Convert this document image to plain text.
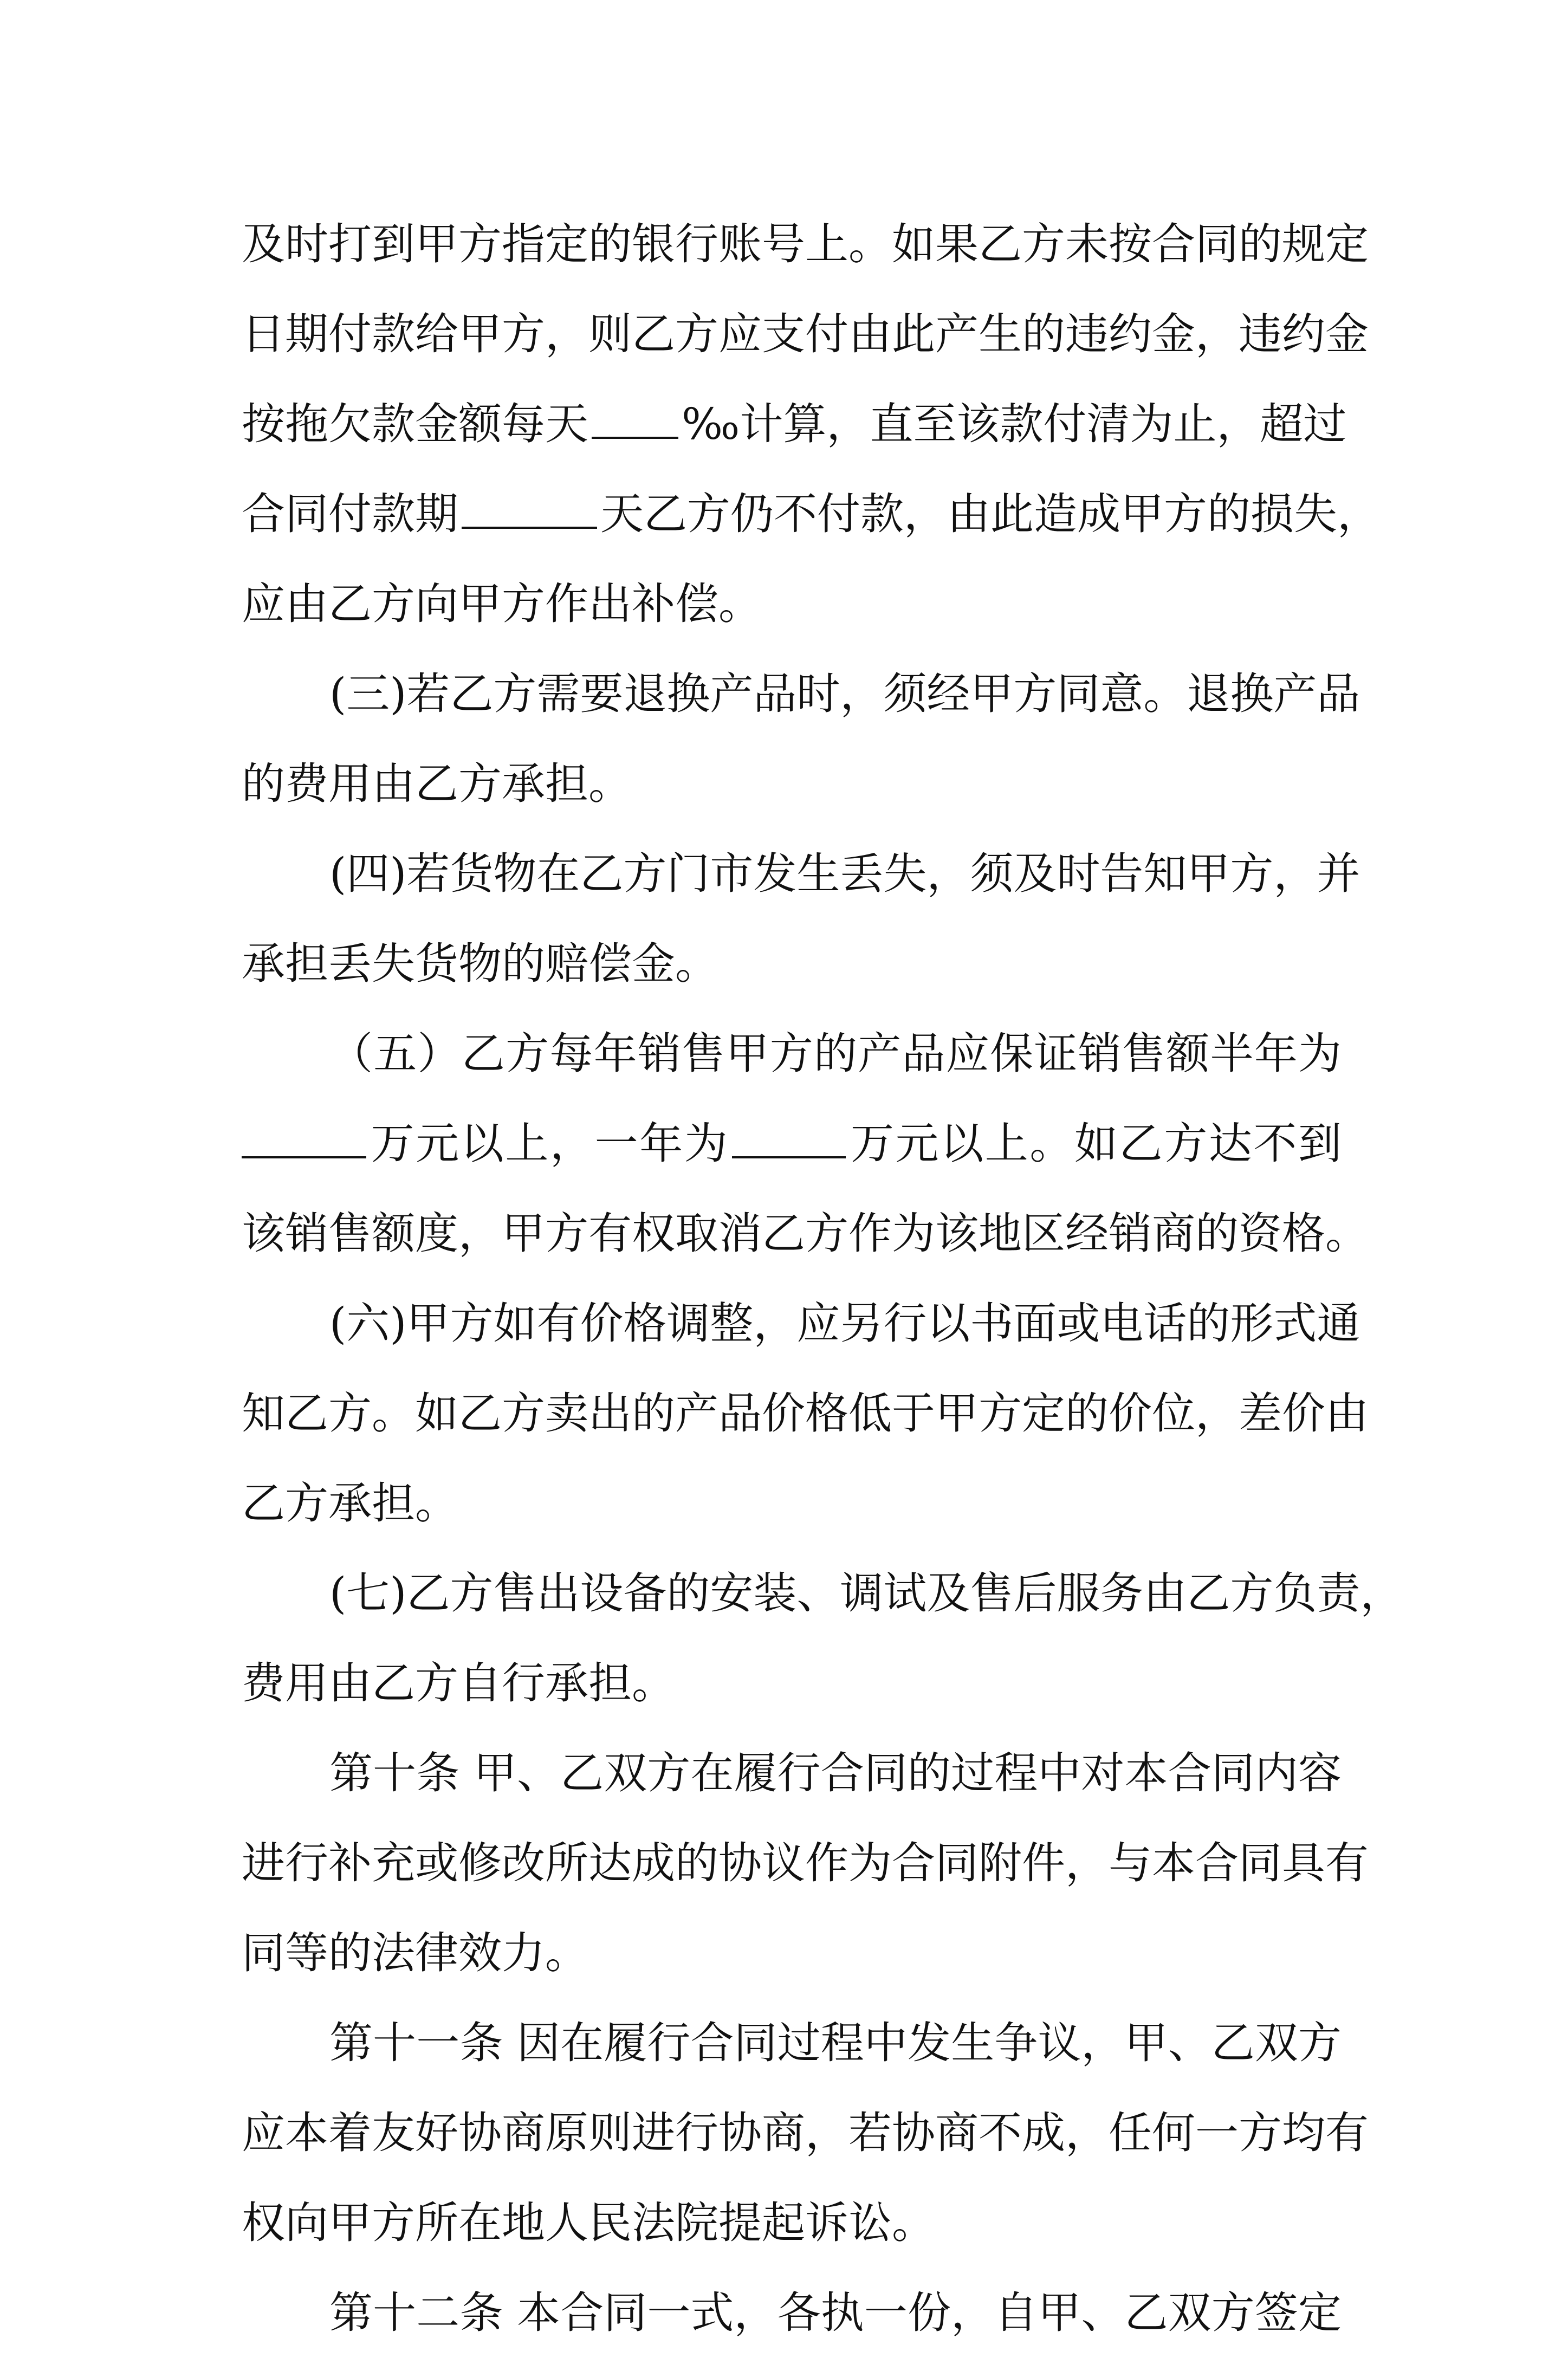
及时打到甲方指定的银行账号上。如果乙方未按合同的规定
日期付款给甲方，则乙方应支付由此产生的违约金，违约金
按拖欠款金额每天 ‰计算，直至该款付清为止，超过
合同付款期	天乙方仍不付款，由此造成甲方的损失，
应由乙方向甲方作出补偿。
(三)若乙方需要退换产品时，须经甲方同意。退换产品
的费用由乙方承担。
(四)若货物在乙方门市发生丢失，须及时告知甲方，并
承担丢失货物的赔偿金。
（五）乙方每年销售甲方的产品应保证销售额半年为
万元以上，一年为	万元以上。如乙方达不到
该销售额度，甲方有权取消乙方作为该地区经销商的资格。
(六)甲方如有价格调整，应另行以书面或电话的形式通
知乙方。如乙方卖出的产品价格低于甲方定的价位，差价由
乙方承担。
(七)乙方售出设备的安装、调试及售后服务由乙方负责，
费用由乙方自行承担。
第十条 甲、乙双方在履行合同的过程中对本合同内容
进行补充或修改所达成的协议作为合同附件，与本合同具有
同等的法律效力。
第十一条 因在履行合同过程中发生争议，甲、乙双方
应本着友好协商原则进行协商，若协商不成，任何一方均有
权向甲方所在地人民法院提起诉讼。
第十二条 本合同一式，各执一份，自甲、乙双方签定
